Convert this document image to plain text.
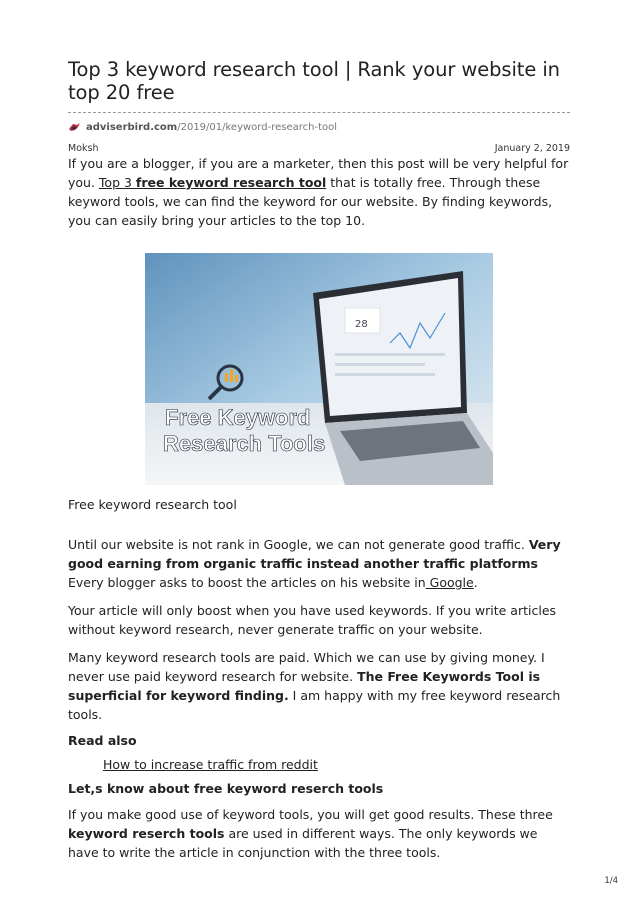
Top 3 keyword research tool | Rank your website in top 20 free
adviserbird.com /2019/01/keyword-research-tool
Moksh	January 2, 2019

If you are a blogger, if you are a marketer, then this post will be very helpful for you. Top 3 free keyword research tool that is totally free. Through these keyword tools, we can find the keyword for our website. By finding keywords, you can easily bring your articles to the top 10.

28
Free Keyword
Research Tools
Free keyword research tool

Until our website is not rank in Google, we can not generate good traffic. Very good earning from organic traffic instead another traffic platforms Every blogger asks to boost the articles on his website in Google.

Your article will only boost when you have used keywords. If you write articles without keyword research, never generate traffic on your website.

Many keyword research tools are paid. Which we can use by giving money. I never use paid keyword research for website. The Free Keywords Tool is superficial for keyword finding. I am happy with my free keyword research tools.

Read also
How to increase traffic from reddit
Let,s know about free keyword reserch tools

If you make good use of keyword tools, you will get good results. These three keyword reserch tools are used in different ways. The only keywords we have to write the article in conjunction with the three tools.

1/4
